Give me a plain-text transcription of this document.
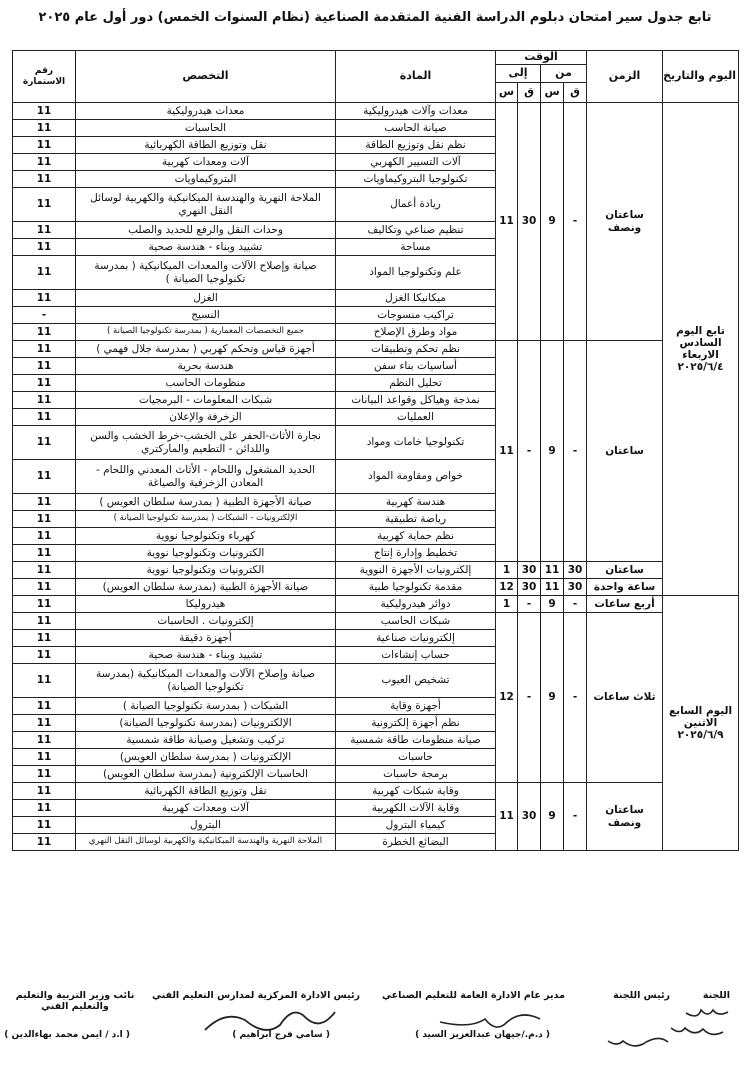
تابع جدول سير امتحان دبلوم الدراسة الفنية المتقدمة الصناعية (نظام السنوات الخمس) دور أول عام ٢٠٢٥
اليوم والتاريخ	الزمن	الوقت				المادة	التخصص	رقم الاستمارة
		من		إلى				
		ق	س	ق	س			
تابع اليوم السادس الاربعاء ٢٠٢٥/٦/٤	ساعتان ونصف	-	9	30	11	معدات وآلات هيدروليكية	معدات هيدروليكية	11
						صيانة الحاسب	الحاسبات	11
						نظم نقل وتوزيع الطاقة	نقل وتوزيع الطاقة الكهربائية	11
						آلات التسيير الكهربي	آلات ومعدات كهربية	11
						تكنولوجيا البتروكيماويات	البتروكيماويات	11
						ريادة أعمال	الملاحة النهرية والهندسة الميكانيكية والكهربية لوسائل النقل النهري	11
						تنظيم صناعي وتكاليف	وحدات النقل والرفع للحديد والصلب	11
						مساحة	تشييد وبناء - هندسة صحية	11
						علم وتكنولوجيا المواد	صيانة وإصلاح الآلات والمعدات الميكانيكية ( بمدرسة تكنولوجيا الصيانة )	11
						ميكانيكا الغزل	الغزل	11
						تراكيب منسوجات	النسيج	-
						مواد وطرق الإصلاح	جميع التخصصات المعمارية ( بمدرسة تكنولوجيا الصيانة )	11
	ساعتان	-	9	-	11	نظم تحكم وتطبيقات	أجهزة قياس وتحكم كهربي ( بمدرسة جلال فهمي )	11
						أساسيات بناء سفن	هندسة بحرية	11
						تحليل النظم	منظومات الحاسب	11
						نمذجة وهياكل وقواعد البيانات	شبكات المعلومات - البرمجيات	11
						العمليات	الزخرفة والإعلان	11
						تكنولوجيا خامات ومواد	نجارة الأثاث-الحفر على الخشب-خرط الخشب والسن واللدائن - التطعيم والماركتري	11
						خواص ومقاومة المواد	الحديد المشغول واللحام - الأثاث المعدني واللحام - المعادن الزخرفية والصياغة	11
						هندسة كهربية	صيانة الأجهزة الطبية ( بمدرسة سلطان العويس )	11
						رياضة تطبيقية	الإلكترونيات - الشبكات ( بمدرسة تكنولوجيا الصيانة )	11
						نظم حماية كهربية	كهرباء وتكنولوجيا نووية	11
						تخطيط وإدارة إنتاج	الكترونيات وتكنولوجيا نووية	11
	ساعتان	30	11	30	1	إلكترونيات الأجهزة النووية	الكترونيات وتكنولوجيا نووية	11
	ساعة واحدة	30	11	30	12	مقدمة تكنولوجيا طبية	صيانة الأجهزة الطبية (بمدرسة سلطان العويس)	11
اليوم السابع الاثنين ٢٠٢٥/٦/٩	أربع ساعات	-	9	-	1	دوائر هيدروليكية	هيدروليكا	11
	ثلاث ساعات	-	9	-	12	شبكات الحاسب	إلكترونيات . الحاسبات	11
						إلكترونيات صناعية	أجهزة دقيقة	11
						حساب إنشاءات	تشييد وبناء - هندسة صحية	11
						تشخيص العيوب	صيانة وإصلاح الآلات والمعدات الميكانيكية (بمدرسة تكنولوجيا الصيانة)	11
						أجهزة وقاية	الشبكات ( بمدرسة تكنولوجيا الصيانة )	11
						نظم أجهزة إلكترونية	الإلكترونيات (بمدرسة تكنولوجيا الصيانة)	11
						صيانة منظومات طاقة شمسية	تركيب وتشغيل وصيانة طاقة شمسية	11
						حاسبات	الإلكترونيات ( بمدرسة سلطان العويس)	11
						برمجة حاسبات	الحاسبات الإلكترونية (بمدرسة سلطان العويس)	11
	ساعتان ونصف	-	9	30	11	وقاية شبكات كهربية	نقل وتوزيع الطاقة الكهربائية	11
						وقاية الآلات الكهربية	آلات ومعدات كهربية	11
						كيمياء البترول	البترول	11
						البضائع الخطرة	الملاحة النهرية والهندسة الميكانيكية والكهربية لوسائل النقل النهري	11
اللجنة
رئيس اللجنة
مدير عام الادارة العامة للتعليم الصناعي
( د.م./جيهان عبدالعزيز السيد )
رئيس الادارة المركزية لمدارس التعليم الفني
( سامي فرج ابراهيم )
نائب وزير التربية والتعليم والتعليم الفني
( ا.د / ايمن محمد بهاءالدين )
